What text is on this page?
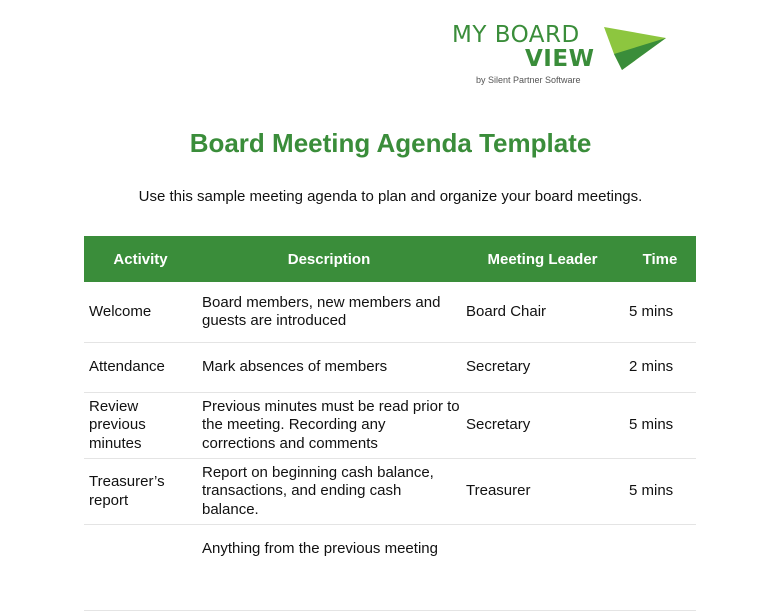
MY BOARD
VIEW
by Silent Partner Software
Board Meeting Agenda Template

Use this sample meeting agenda to plan and organize your board meetings.

Activity	Description	Meeting Leader	Time
Welcome	Board members, new members and guests are introduced	Board Chair	5 mins
Attendance	Mark absences of members	Secretary	2 mins
Review previous minutes	Previous minutes must be read prior to the meeting. Recording any corrections and comments	Secretary	5 mins
Treasurer’s report	Report on beginning cash balance, transactions, and ending cash balance.	Treasurer	5 mins
	Anything from the previous meeting		
